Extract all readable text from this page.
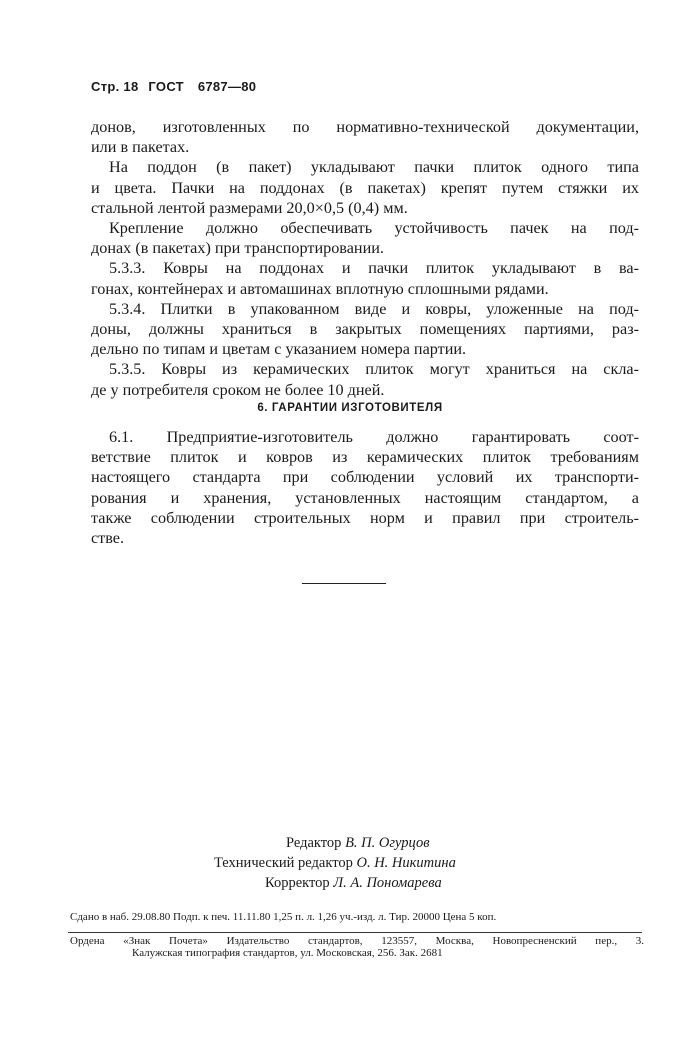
Стр. 18 ГОСТ 6787—80
донов, изготовленных по нормативно-технической документации,
или в пакетах.
На поддон (в пакет) укладывают пачки плиток одного типа
и цвета. Пачки на поддонах (в пакетах) крепят путем стяжки их
стальной лентой размерами 20,0×0,5 (0,4) мм.
Крепление должно обеспечивать устойчивость пачек на под-
донах (в пакетах) при транспортировании.
5.3.3. Ковры на поддонах и пачки плиток укладывают в ва-
гонах, контейнерах и автомашинах вплотную сплошными рядами.
5.3.4. Плитки в упакованном виде и ковры, уложенные на под-
доны, должны храниться в закрытых помещениях партиями, раз-
дельно по типам и цветам с указанием номера партии.
5.3.5. Ковры из керамических плиток могут храниться на скла-
де у потребителя сроком не более 10 дней.
6. ГАРАНТИИ ИЗГОТОВИТЕЛЯ
6.1. Предприятие-изготовитель должно гарантировать соот-
ветствие плиток и ковров из керамических плиток требованиям
настоящего стандарта при соблюдении условий их транспорти-
рования и хранения, установленных настоящим стандартом, а
также соблюдении строительных норм и правил при строитель-
стве.
Редактор В. П. Огурцов
Технический редактор О. Н. Никитина
Корректор Л. А. Пономарева
Сдано в наб. 29.08.80 Подп. к печ. 11.11.80 1,25 п. л. 1,26 уч.-изд. л. Тир. 20000 Цена 5 коп.
Ордена «Знак Почета» Издательство стандартов, 123557, Москва, Новопресненский пер., 3.
Калужская типография стандартов, ул. Московская, 256. Зак. 2681
